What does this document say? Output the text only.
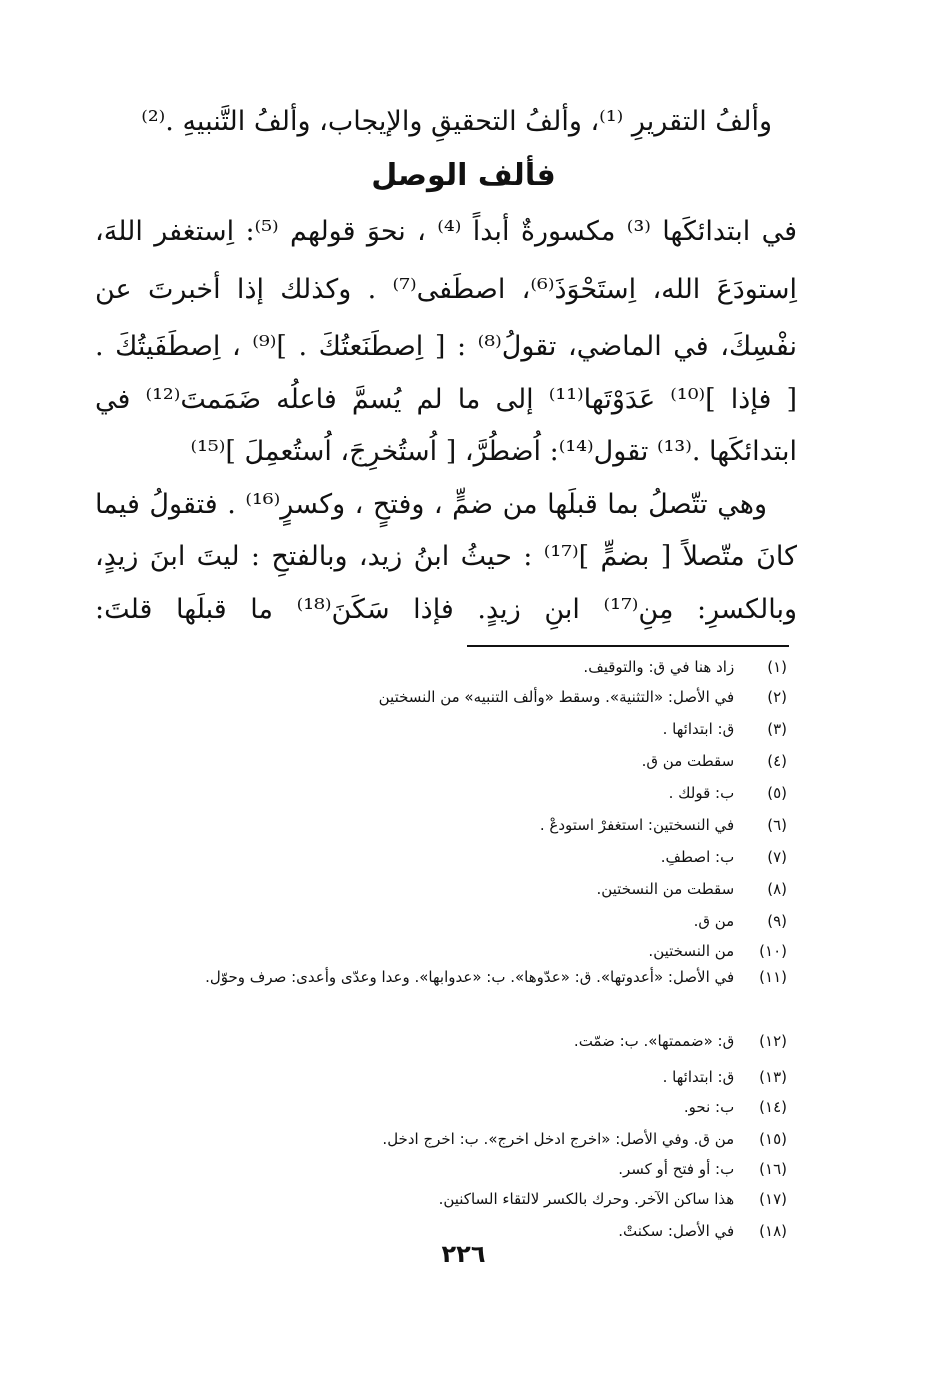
وألفُ التقريرِ ⁽¹⁾، وألفُ التحقيقِ والإيجاب، وألفُ التَّنبيهِ .⁽²⁾
فألف الوصل
في ابتدائكَها ⁽³⁾ مكسورةٌ أبداً ⁽⁴⁾ ، نحوَ قولهم ⁽⁵⁾: اِستغفر اللهَ،
اِستودَعَ الله، اِستَحْوَذَ⁽⁶⁾، اصطَفى⁽⁷⁾ . وكذلك إذا أخبرتَ عن
نفْسِكَ، في الماضي، تقولُ⁽⁸⁾ : [ اِصطَنَعتُكَ . ]⁽⁹⁾ ، اِصطَفَيتُكَ .
[ فإذا ]⁽¹⁰⁾ عَدَوْتَها⁽¹¹⁾ إلى ما لم يُسمَّ فاعلُه ضَمَمتَ⁽¹²⁾ في
ابتدائكَها .⁽¹³⁾ تقول⁽¹⁴⁾: اُضطُرَّ، [ اُستُخرِجَ، اُستُعمِلَ ]⁽¹⁵⁾
وهي تتّصلُ بما قبلَها من ضمٍّ ، وفتحٍ ، وكسرٍ⁽¹⁶⁾ . فتقولُ فيما
كانَ متّصلاً [ بضمٍّ ]⁽¹⁷⁾ : حيثُ ابنُ زيد، وبالفتحِ : ليتَ ابنَ زيدٍ،
وبالكسرِ: مِنِ⁽¹⁷⁾ ابنِ زيدٍ. فإذا سَكَنَ⁽¹⁸⁾ ما قبلَها قلتَ:
(١) زاد هنا في ق: والتوقيف.
(٢) في الأصل: «التثنية». وسقط «وألف التنبيه» من النسختين
(٣) ق: ابتدائها .
(٤) سقطت من ق.
(٥) ب: قولك .
(٦) في النسختين: استغفرْ استودعْ .
(٧) ب: اصطفِ.
(٨) سقطت من النسختين.
(٩) من ق.
(١٠) من النسختين.
(١١) في الأصل: «أعدوتها». ق: «عدّوها». ب: «عدوابها». وعدا وعدّى وأعدى: صرف وحوّل.
(١٢) ق: «ضممتها». ب: ضمّت.
(١٣) ق: ابتدائها .
(١٤) ب: نحو.
(١٥) من ق. وفي الأصل: «اخرج ادخل اخرج». ب: اخرج ادخل.
(١٦) ب: أو فتح أو كسر.
(١٧) هذا ساكن الآخر. وحرك بالكسر لالتقاء الساكنين.
(١٨) في الأصل: سكنتْ.
٢٢٦
